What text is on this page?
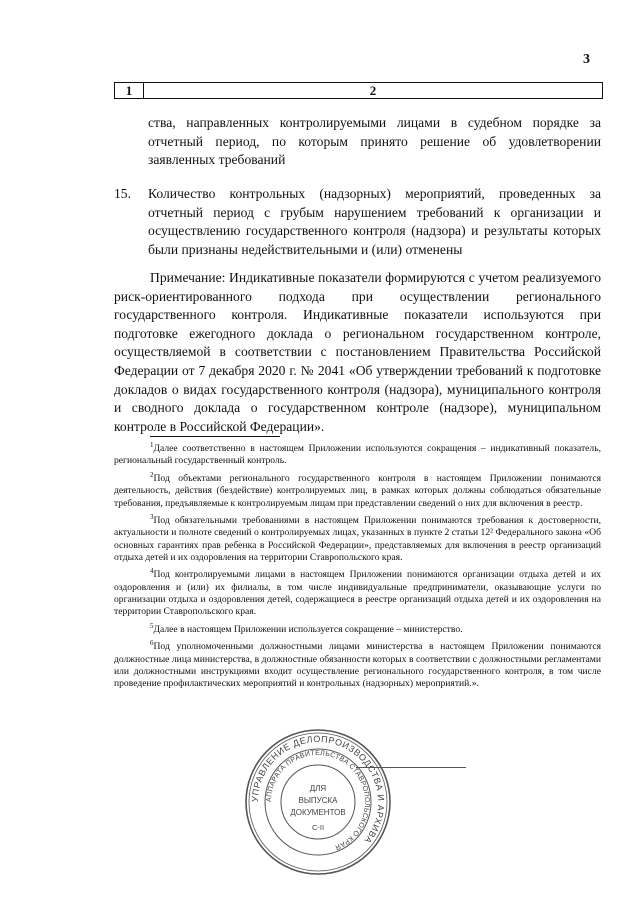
3
1	2
ства, направленных контролируемыми лицами в судебном порядке за отчетный период, по которым принято решение об удовлетворении заявленных требований
15.	Количество контрольных (надзорных) мероприятий, проведенных за отчетный период с грубым нарушением требований к организации и осуществлению государственного контроля (надзора) и результаты которых были признаны недействительными и (или) отменены
Примечание: Индикативные показатели формируются с учетом реализуемого риск-ориентированного подхода при осуществлении регионального государственного контроля. Индикативные показатели используются при подготовке ежегодного доклада о региональном государственном контроле, осуществляемой в соответствии с постановлением Правительства Российской Федерации от 7 декабря 2020 г. № 2041 «Об утверждении требований к подготовке докладов о видах государственного контроля (надзора), муниципального контроля и сводного доклада о государственном контроле (надзоре), муниципальном контроле в Российской Федерации».

$^1$Далее соответственно в настоящем Приложении используются сокращения – индикативный показатель, региональный государственный контроль.

$^2$Под объектами регионального государственного контроля в настоящем Приложении понимаются деятельность, действия (бездействие) контролируемых лиц, в рамках которых должны соблюдаться обязательные требования, предъявляемые к контролируемым лицам при представлении сведений о них для включения в реестр.

$^3$Под обязательными требованиями в настоящем Приложении понимаются требования к достоверности, актуальности и полноте сведений о контролируемых лицах, указанных в пункте 2 статьи 12² Федерального закона «Об основных гарантиях прав ребенка в Российской Федерации», представляемых для включения в реестр организаций отдыха детей и их оздоровления на территории Ставропольского края.

$^4$Под контролируемыми лицами в настоящем Приложении понимаются организации отдыха детей и их оздоровления и (или) их филиалы, в том числе индивидуальные предприниматели, оказывающие услуги по организации отдыха и оздоровления детей, содержащиеся в реестре организаций отдыха детей и их оздоровления на территории Ставропольского края.

$^5$Далее в настоящем Приложении используется сокращение – министерство.

$^6$Под уполномоченными должностными лицами министерства в настоящем Приложении понимаются должностные лица министерства, в должностные обязанности которых в соответствии с должностными регламентами или должностными инструкциями входит осуществление регионального государственного контроля, в том числе проведение профилактических мероприятий и контрольных (надзорных) мероприятий.».

УПРАВЛЕНИЕ ДЕЛОПРОИЗВОДСТВА И АРХИВА
АППАРАТА ПРАВИТЕЛЬСТВА СТАВРОПОЛЬСКОГО КРАЯ
ДЛЯ
ВЫПУСКА
ДОКУМЕНТОВ
С-II
